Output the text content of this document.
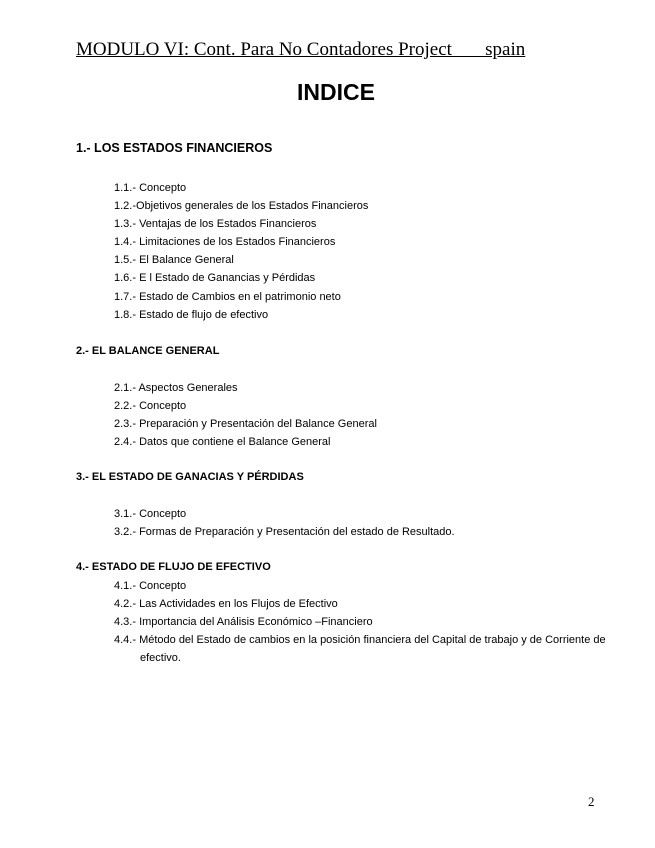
MODULO VI: Cont. Para No Contadores Project       spain
INDICE
1.- LOS ESTADOS FINANCIEROS
1.1.- Concepto
1.2.-Objetivos generales de los Estados Financieros
1.3.- Ventajas de los Estados Financieros
1.4.- Limitaciones de los Estados Financieros
1.5.- El Balance General
1.6.- E l Estado de Ganancias y Pérdidas
1.7.- Estado de Cambios en el patrimonio neto
1.8.- Estado de flujo de efectivo
2.- EL BALANCE GENERAL
2.1.- Aspectos Generales
2.2.- Concepto
2.3.- Preparación y Presentación del Balance General
2.4.- Datos que contiene el Balance General
3.- EL ESTADO DE GANACIAS Y PÉRDIDAS
3.1.- Concepto
3.2.- Formas de Preparación y Presentación del estado de Resultado.
4.- ESTADO DE FLUJO DE EFECTIVO
4.1.- Concepto
4.2.- Las Actividades en los Flujos de Efectivo
4.3.- Importancia del Análisis Económico –Financiero
4.4.- Método del Estado de cambios en la posición financiera del Capital de trabajo y de Corriente de efectivo.
2
